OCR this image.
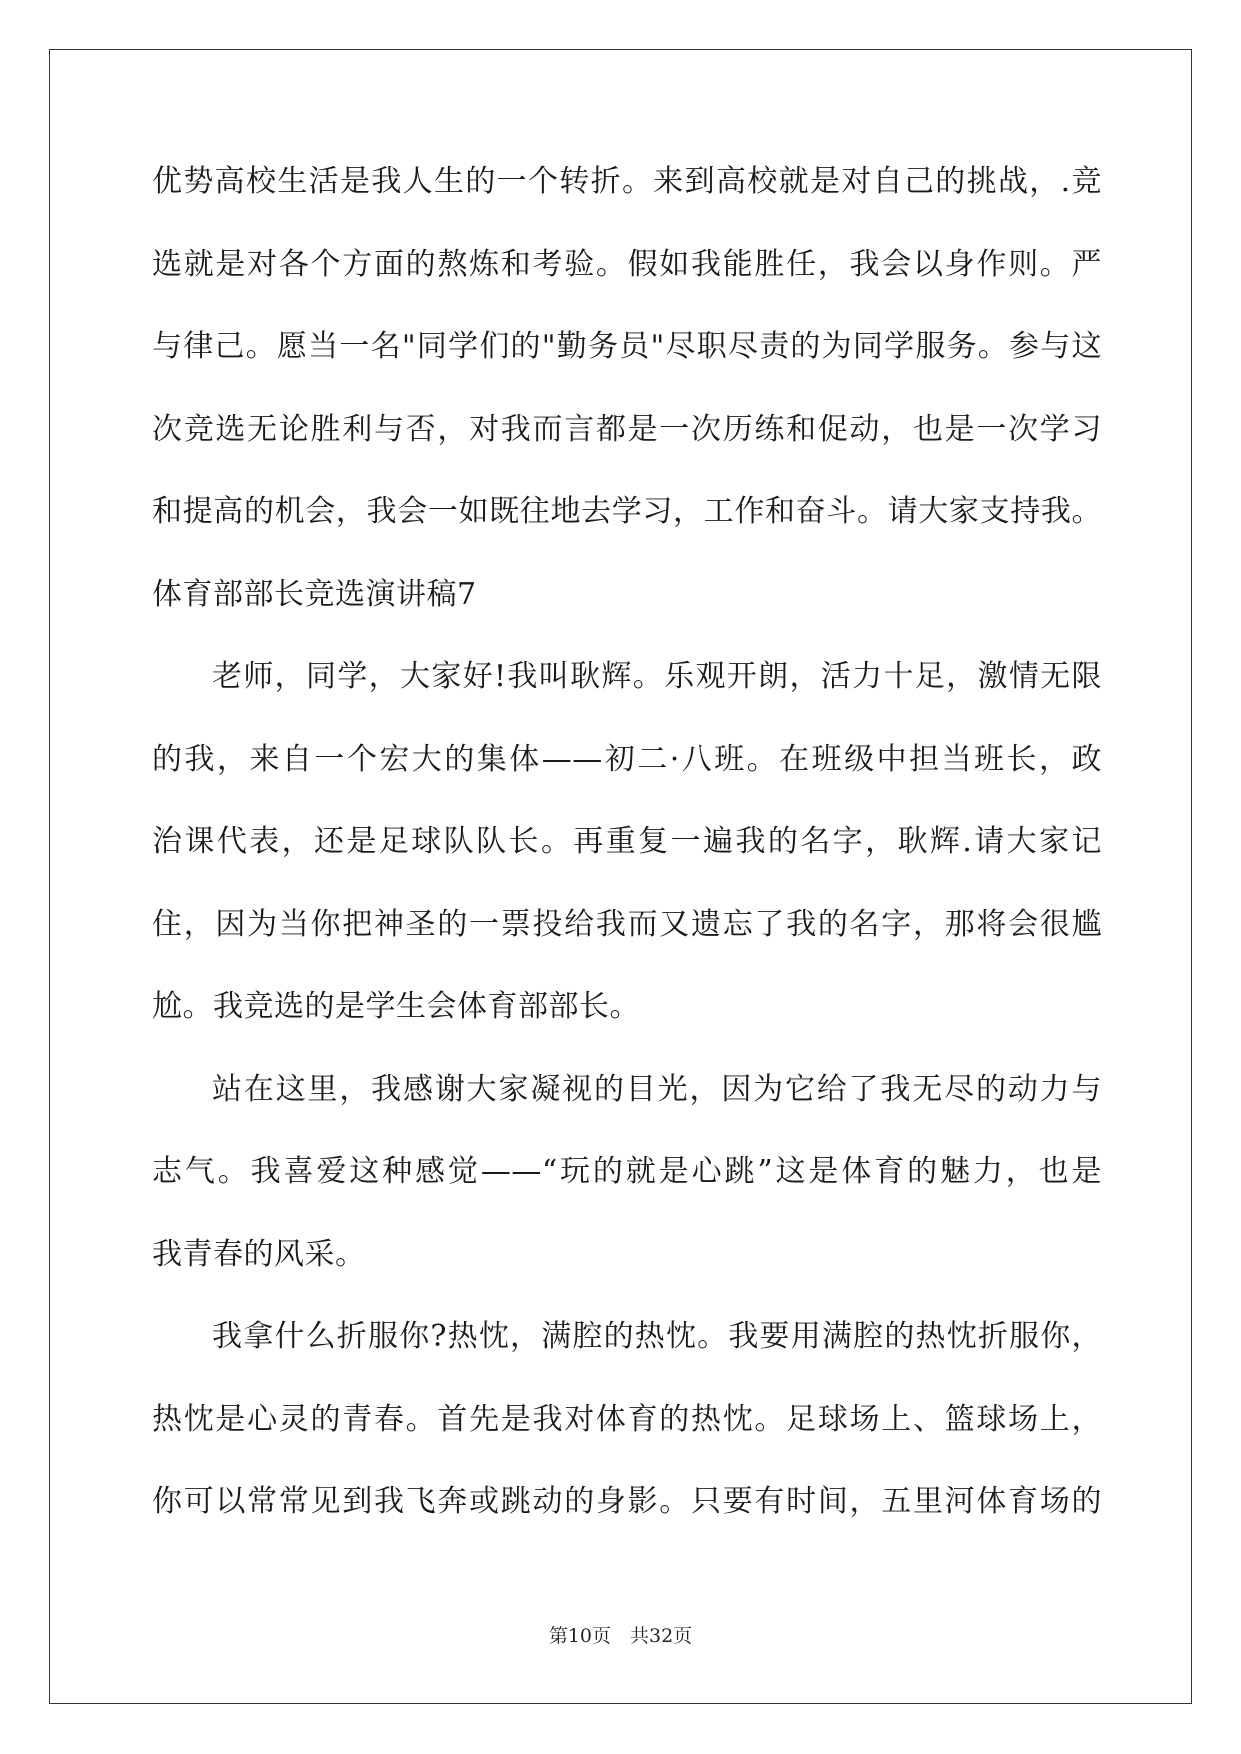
优势高校生活是我人生的一个转折。来到高校就是对自己的挑战，.竞
选就是对各个方面的熬炼和考验。假如我能胜任，我会以身作则。严
与律己。愿当一名"同学们的"勤务员"尽职尽责的为同学服务。参与这
次竞选无论胜利与否，对我而言都是一次历练和促动，也是一次学习
和提高的机会，我会一如既往地去学习，工作和奋斗。请大家支持我。
体育部部长竞选演讲稿7
老师，同学，大家好!我叫耿辉。乐观开朗，活力十足，激情无限
的我，来自一个宏大的集体——初二·八班。在班级中担当班长，政
治课代表，还是足球队队长。再重复一遍我的名字，耿辉.请大家记
住，因为当你把神圣的一票投给我而又遗忘了我的名字，那将会很尴
尬。我竞选的是学生会体育部部长。
站在这里，我感谢大家凝视的目光，因为它给了我无尽的动力与
志气。我喜爱这种感觉——“玩的就是心跳”这是体育的魅力，也是
我青春的风采。
我拿什么折服你?热忱，满腔的热忱。我要用满腔的热忱折服你，
热忱是心灵的青春。首先是我对体育的热忱。足球场上、篮球场上，
你可以常常见到我飞奔或跳动的身影。只要有时间，五里河体育场的
第10页　共32页
